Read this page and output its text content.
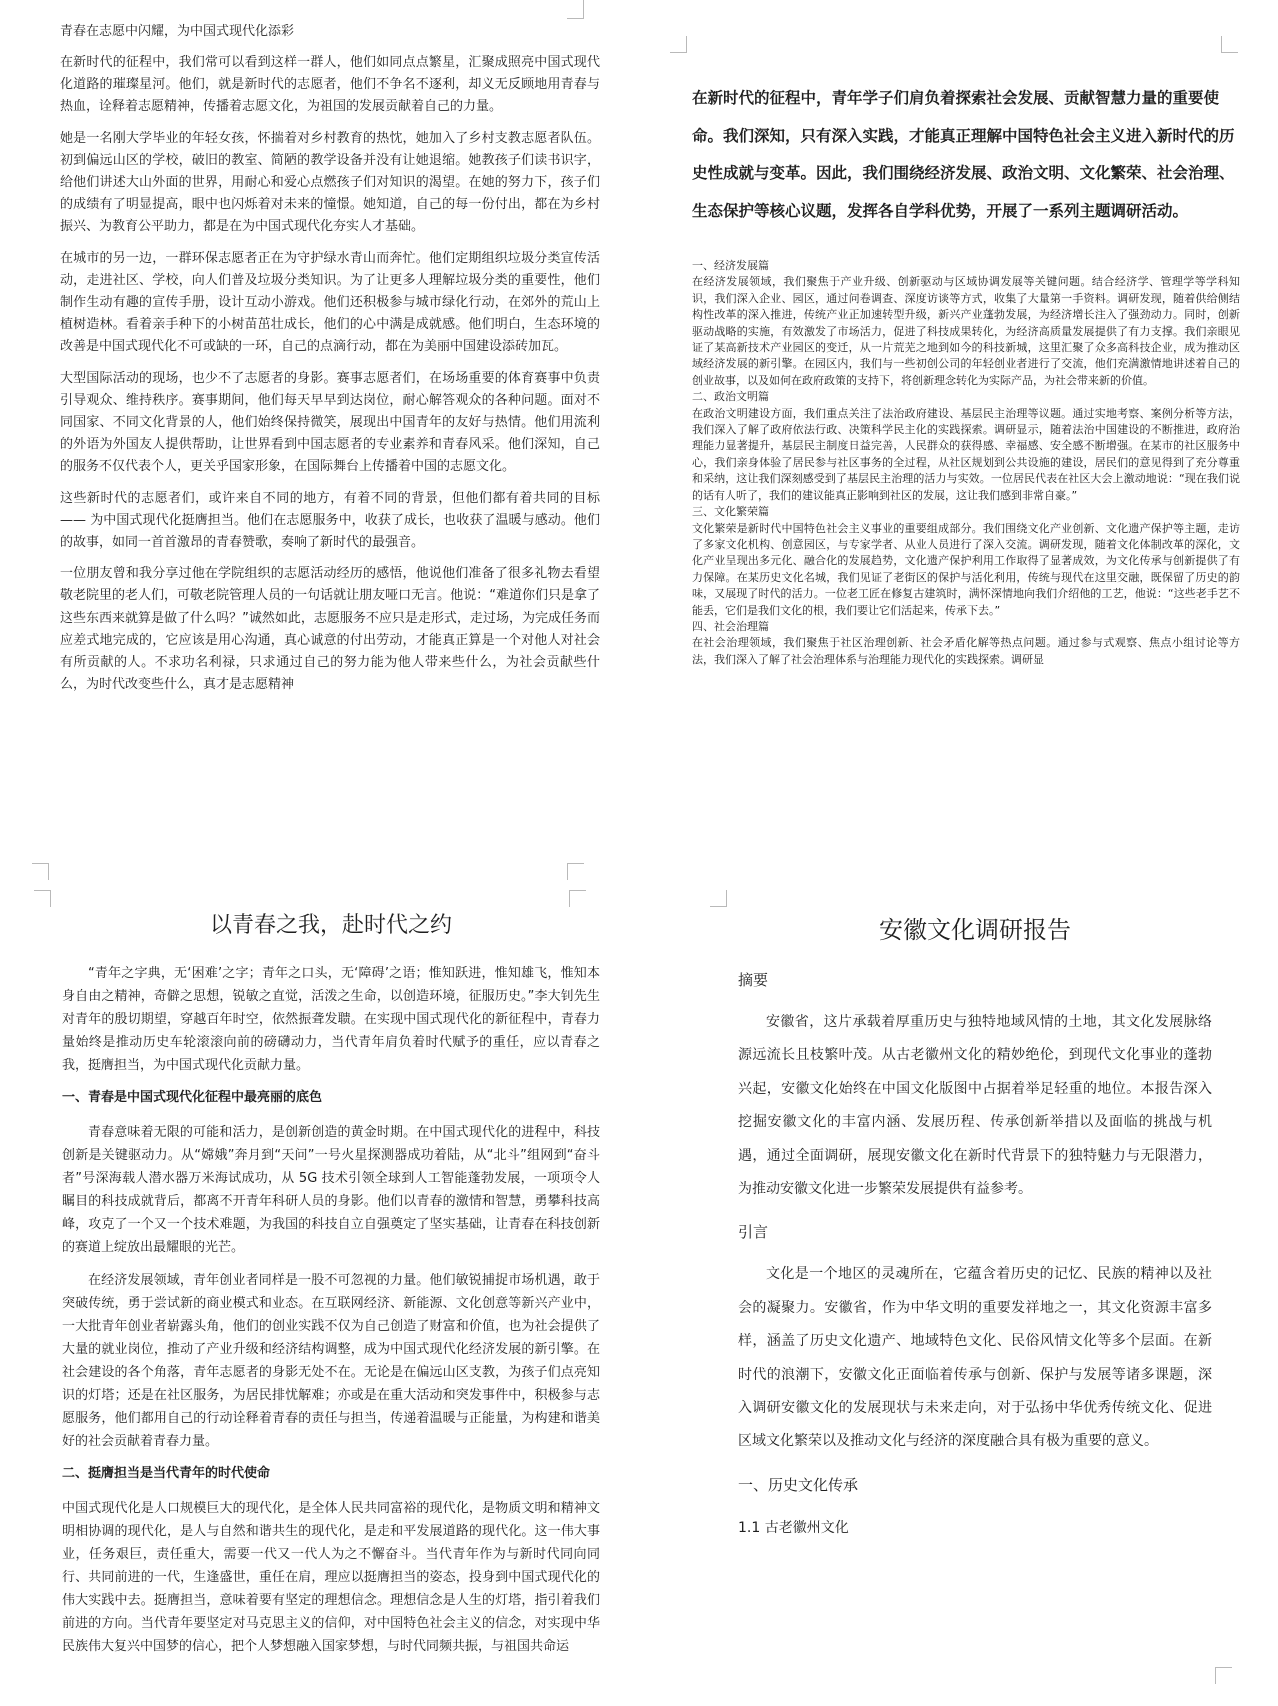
青春在志愿中闪耀，为中国式现代化添彩

在新时代的征程中，我们常可以看到这样一群人，他们如同点点繁星，汇聚成照亮中国式现代化道路的璀璨星河。他们，就是新时代的志愿者，他们不争名不逐利，却义无反顾地用青春与热血，诠释着志愿精神，传播着志愿文化，为祖国的发展贡献着自己的力量。

她是一名刚大学毕业的年轻女孩，怀揣着对乡村教育的热忱，她加入了乡村支教志愿者队伍。初到偏远山区的学校，破旧的教室、简陋的教学设备并没有让她退缩。她教孩子们读书识字，给他们讲述大山外面的世界，用耐心和爱心点燃孩子们对知识的渴望。在她的努力下，孩子们的成绩有了明显提高，眼中也闪烁着对未来的憧憬。她知道，自己的每一份付出，都在为乡村振兴、为教育公平助力，都是在为中国式现代化夯实人才基础。

在城市的另一边，一群环保志愿者正在为守护绿水青山而奔忙。他们定期组织垃圾分类宣传活动，走进社区、学校，向人们普及垃圾分类知识。为了让更多人理解垃圾分类的重要性，他们制作生动有趣的宣传手册，设计互动小游戏。他们还积极参与城市绿化行动，在郊外的荒山上植树造林。看着亲手种下的小树苗茁壮成长，他们的心中满是成就感。他们明白，生态环境的改善是中国式现代化不可或缺的一环，自己的点滴行动，都在为美丽中国建设添砖加瓦。

大型国际活动的现场，也少不了志愿者的身影。赛事志愿者们，在场场重要的体育赛事中负责引导观众、维持秩序。赛事期间，他们每天早早到达岗位，耐心解答观众的各种问题。面对不同国家、不同文化背景的人，他们始终保持微笑，展现出中国青年的友好与热情。他们用流利的外语为外国友人提供帮助，让世界看到中国志愿者的专业素养和青春风采。他们深知，自己的服务不仅代表个人，更关乎国家形象，在国际舞台上传播着中国的志愿文化。

这些新时代的志愿者们，或许来自不同的地方，有着不同的背景，但他们都有着共同的目标 —— 为中国式现代化挺膺担当。他们在志愿服务中，收获了成长，也收获了温暖与感动。他们的故事，如同一首首激昂的青春赞歌，奏响了新时代的最强音。

一位朋友曾和我分享过他在学院组织的志愿活动经历的感悟，他说他们准备了很多礼物去看望敬老院里的老人们，可敬老院管理人员的一句话就让朋友哑口无言。他说：“难道你们只是拿了这些东西来就算是做了什么吗？”诚然如此，志愿服务不应只是走形式，走过场，为完成任务而应差式地完成的，它应该是用心沟通，真心诚意的付出劳动，才能真正算是一个对他人对社会有所贡献的人。不求功名利禄，只求通过自己的努力能为他人带来些什么，为社会贡献些什么，为时代改变些什么，真才是志愿精神

在新时代的征程中，青年学子们肩负着探索社会发展、贡献智慧力量的重要使命。我们深知，只有深入实践，才能真正理解中国特色社会主义进入新时代的历史性成就与变革。因此，我们围绕经济发展、政治文明、文化繁荣、社会治理、生态保护等核心议题，发挥各自学科优势，开展了一系列主题调研活动。

一、经济发展篇

在经济发展领域，我们聚焦于产业升级、创新驱动与区域协调发展等关键问题。结合经济学、管理学等学科知识，我们深入企业、园区，通过问卷调查、深度访谈等方式，收集了大量第一手资料。调研发现，随着供给侧结构性改革的深入推进，传统产业正加速转型升级，新兴产业蓬勃发展，为经济增长注入了强劲动力。同时，创新驱动战略的实施，有效激发了市场活力，促进了科技成果转化，为经济高质量发展提供了有力支撑。我们亲眼见证了某高新技术产业园区的变迁，从一片荒芜之地到如今的科技新城，这里汇聚了众多高科技企业，成为推动区域经济发展的新引擎。在园区内，我们与一些初创公司的年轻创业者进行了交流，他们充满激情地讲述着自己的创业故事，以及如何在政府政策的支持下，将创新理念转化为实际产品，为社会带来新的价值。

二、政治文明篇

在政治文明建设方面，我们重点关注了法治政府建设、基层民主治理等议题。通过实地考察、案例分析等方法，我们深入了解了政府依法行政、决策科学民主化的实践探索。调研显示，随着法治中国建设的不断推进，政府治理能力显著提升，基层民主制度日益完善，人民群众的获得感、幸福感、安全感不断增强。在某市的社区服务中心，我们亲身体验了居民参与社区事务的全过程，从社区规划到公共设施的建设，居民们的意见得到了充分尊重和采纳，这让我们深刻感受到了基层民主治理的活力与实效。一位居民代表在社区大会上激动地说：“现在我们说的话有人听了，我们的建议能真正影响到社区的发展，这让我们感到非常自豪。”

三、文化繁荣篇

文化繁荣是新时代中国特色社会主义事业的重要组成部分。我们围绕文化产业创新、文化遗产保护等主题，走访了多家文化机构、创意园区，与专家学者、从业人员进行了深入交流。调研发现，随着文化体制改革的深化，文化产业呈现出多元化、融合化的发展趋势，文化遗产保护利用工作取得了显著成效，为文化传承与创新提供了有力保障。在某历史文化名城，我们见证了老街区的保护与活化利用，传统与现代在这里交融，既保留了历史的韵味，又展现了时代的活力。一位老工匠在修复古建筑时，满怀深情地向我们介绍他的工艺，他说：“这些老手艺不能丢，它们是我们文化的根，我们要让它们活起来，传承下去。”

四、社会治理篇

在社会治理领域，我们聚焦于社区治理创新、社会矛盾化解等热点问题。通过参与式观察、焦点小组讨论等方法，我们深入了解了社会治理体系与治理能力现代化的实践探索。调研显

以青春之我，赴时代之约

“青年之字典，无‘困难’之字；青年之口头，无‘障碍’之语；惟知跃进，惟知雄飞，惟知本身自由之精神，奇僻之思想，锐敏之直觉，活泼之生命，以创造环境，征服历史。”李大钊先生对青年的殷切期望，穿越百年时空，依然振聋发聩。在实现中国式现代化的新征程中，青春力量始终是推动历史车轮滚滚向前的磅礴动力，当代青年肩负着时代赋予的重任，应以青春之我，挺膺担当，为中国式现代化贡献力量。

一、青春是中国式现代化征程中最亮丽的底色

青春意味着无限的可能和活力，是创新创造的黄金时期。在中国式现代化的进程中，科技创新是关键驱动力。从“嫦娥”奔月到“天问”一号火星探测器成功着陆，从“北斗”组网到“奋斗者”号深海载人潜水器万米海试成功，从 5G 技术引领全球到人工智能蓬勃发展，一项项令人瞩目的科技成就背后，都离不开青年科研人员的身影。他们以青春的激情和智慧，勇攀科技高峰，攻克了一个又一个技术难题，为我国的科技自立自强奠定了坚实基础，让青春在科技创新的赛道上绽放出最耀眼的光芒。

在经济发展领域，青年创业者同样是一股不可忽视的力量。他们敏锐捕捉市场机遇，敢于突破传统，勇于尝试新的商业模式和业态。在互联网经济、新能源、文化创意等新兴产业中，一大批青年创业者崭露头角，他们的创业实践不仅为自己创造了财富和价值，也为社会提供了大量的就业岗位，推动了产业升级和经济结构调整，成为中国式现代化经济发展的新引擎。在社会建设的各个角落，青年志愿者的身影无处不在。无论是在偏远山区支教，为孩子们点亮知识的灯塔；还是在社区服务，为居民排忧解难；亦或是在重大活动和突发事件中，积极参与志愿服务，他们都用自己的行动诠释着青春的责任与担当，传递着温暖与正能量，为构建和谐美好的社会贡献着青春力量。

二、挺膺担当是当代青年的时代使命

中国式现代化是人口规模巨大的现代化，是全体人民共同富裕的现代化，是物质文明和精神文明相协调的现代化，是人与自然和谐共生的现代化，是走和平发展道路的现代化。这一伟大事业，任务艰巨，责任重大，需要一代又一代人为之不懈奋斗。当代青年作为与新时代同向同行、共同前进的一代，生逢盛世，重任在肩，理应以挺膺担当的姿态，投身到中国式现代化的伟大实践中去。挺膺担当，意味着要有坚定的理想信念。理想信念是人生的灯塔，指引着我们前进的方向。当代青年要坚定对马克思主义的信仰，对中国特色社会主义的信念，对实现中华民族伟大复兴中国梦的信心，把个人梦想融入国家梦想，与时代同频共振，与祖国共命运

安徽文化调研报告
摘要

安徽省，这片承载着厚重历史与独特地域风情的土地，其文化发展脉络源远流长且枝繁叶茂。从古老徽州文化的精妙绝伦，到现代文化事业的蓬勃兴起，安徽文化始终在中国文化版图中占据着举足轻重的地位。本报告深入挖掘安徽文化的丰富内涵、发展历程、传承创新举措以及面临的挑战与机遇，通过全面调研，展现安徽文化在新时代背景下的独特魅力与无限潜力，为推动安徽文化进一步繁荣发展提供有益参考。

引言

文化是一个地区的灵魂所在，它蕴含着历史的记忆、民族的精神以及社会的凝聚力。安徽省，作为中华文明的重要发祥地之一，其文化资源丰富多样，涵盖了历史文化遗产、地域特色文化、民俗风情文化等多个层面。在新时代的浪潮下，安徽文化正面临着传承与创新、保护与发展等诸多课题，深入调研安徽文化的发展现状与未来走向，对于弘扬中华优秀传统文化、促进区域文化繁荣以及推动文化与经济的深度融合具有极为重要的意义。

一、历史文化传承
1.1 古老徽州文化
